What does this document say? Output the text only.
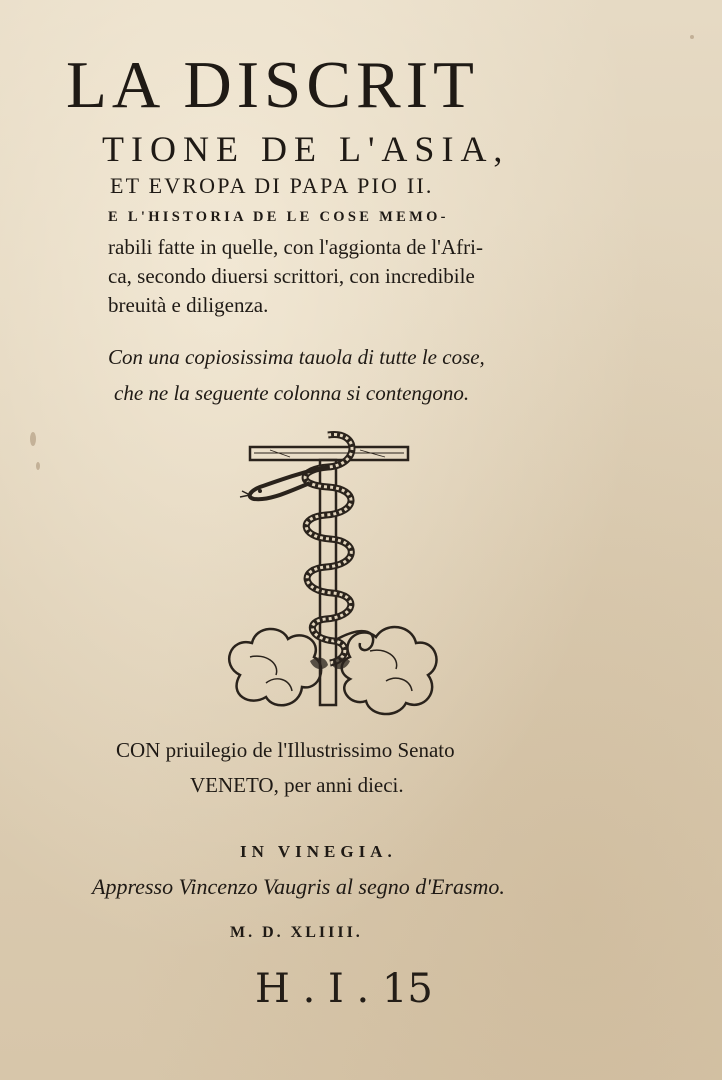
LA DISCRIT
TIONE DE L'ASIA,
ET EVROPA DI PAPA PIO II.
E L'HISTORIA DE LE COSE MEMO-
rabili fatte in quelle, con l'aggionta de l'Afri-
ca, secondo diuersi scrittori, con incredibile
breuità e diligenza.
Con una copiosissima tauola di tutte le cose,
che ne la seguente colonna si contengono.
CON priuilegio de l'Illustrissimo Senato
VENETO, per anni dieci.
IN VINEGIA.
Appresso Vincenzo Vaugris al segno d'Erasmo.
M. D. XLIIII.
H . I . 15
